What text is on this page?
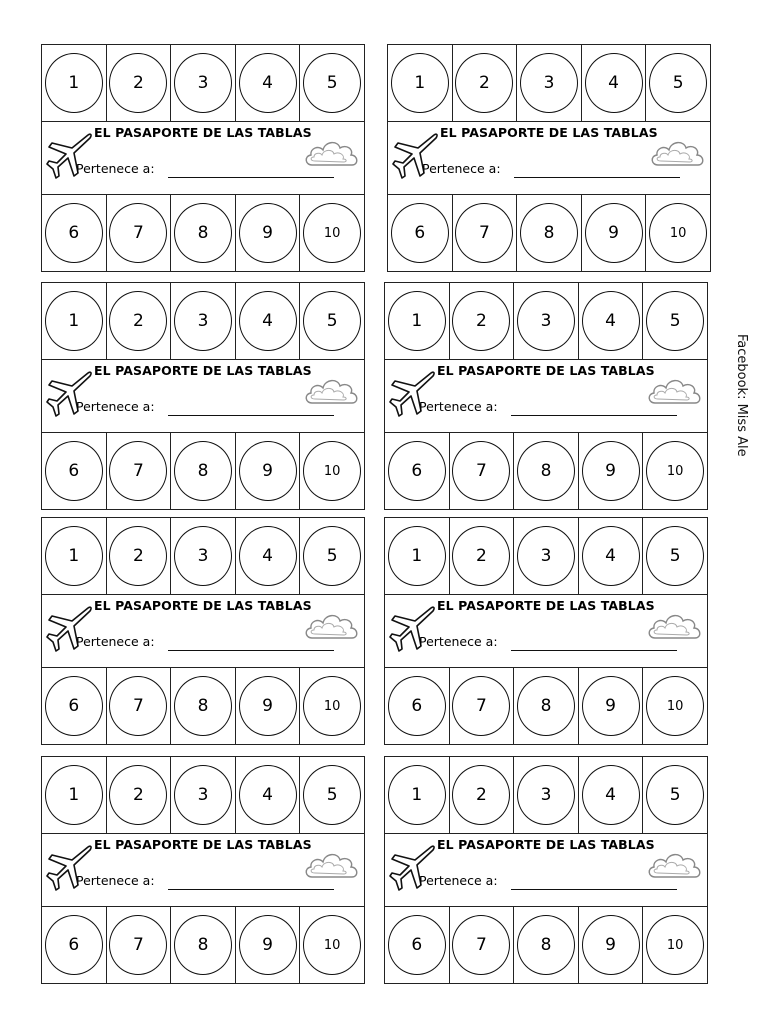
1	2	3	4	5
EL PASAPORTE DE LAS TABLAS
Pertenece a:
6	7	8	9	10
1	2	3	4	5
EL PASAPORTE DE LAS TABLAS
Pertenece a:
6	7	8	9	10
1	2	3	4	5
EL PASAPORTE DE LAS TABLAS
Pertenece a:
6	7	8	9	10
1	2	3	4	5
EL PASAPORTE DE LAS TABLAS
Pertenece a:
6	7	8	9	10
1	2	3	4	5
EL PASAPORTE DE LAS TABLAS
Pertenece a:
6	7	8	9	10
1	2	3	4	5
EL PASAPORTE DE LAS TABLAS
Pertenece a:
6	7	8	9	10
1	2	3	4	5
EL PASAPORTE DE LAS TABLAS
Pertenece a:
6	7	8	9	10
1	2	3	4	5
EL PASAPORTE DE LAS TABLAS
Pertenece a:
6	7	8	9	10
Facebook: Miss Ale
